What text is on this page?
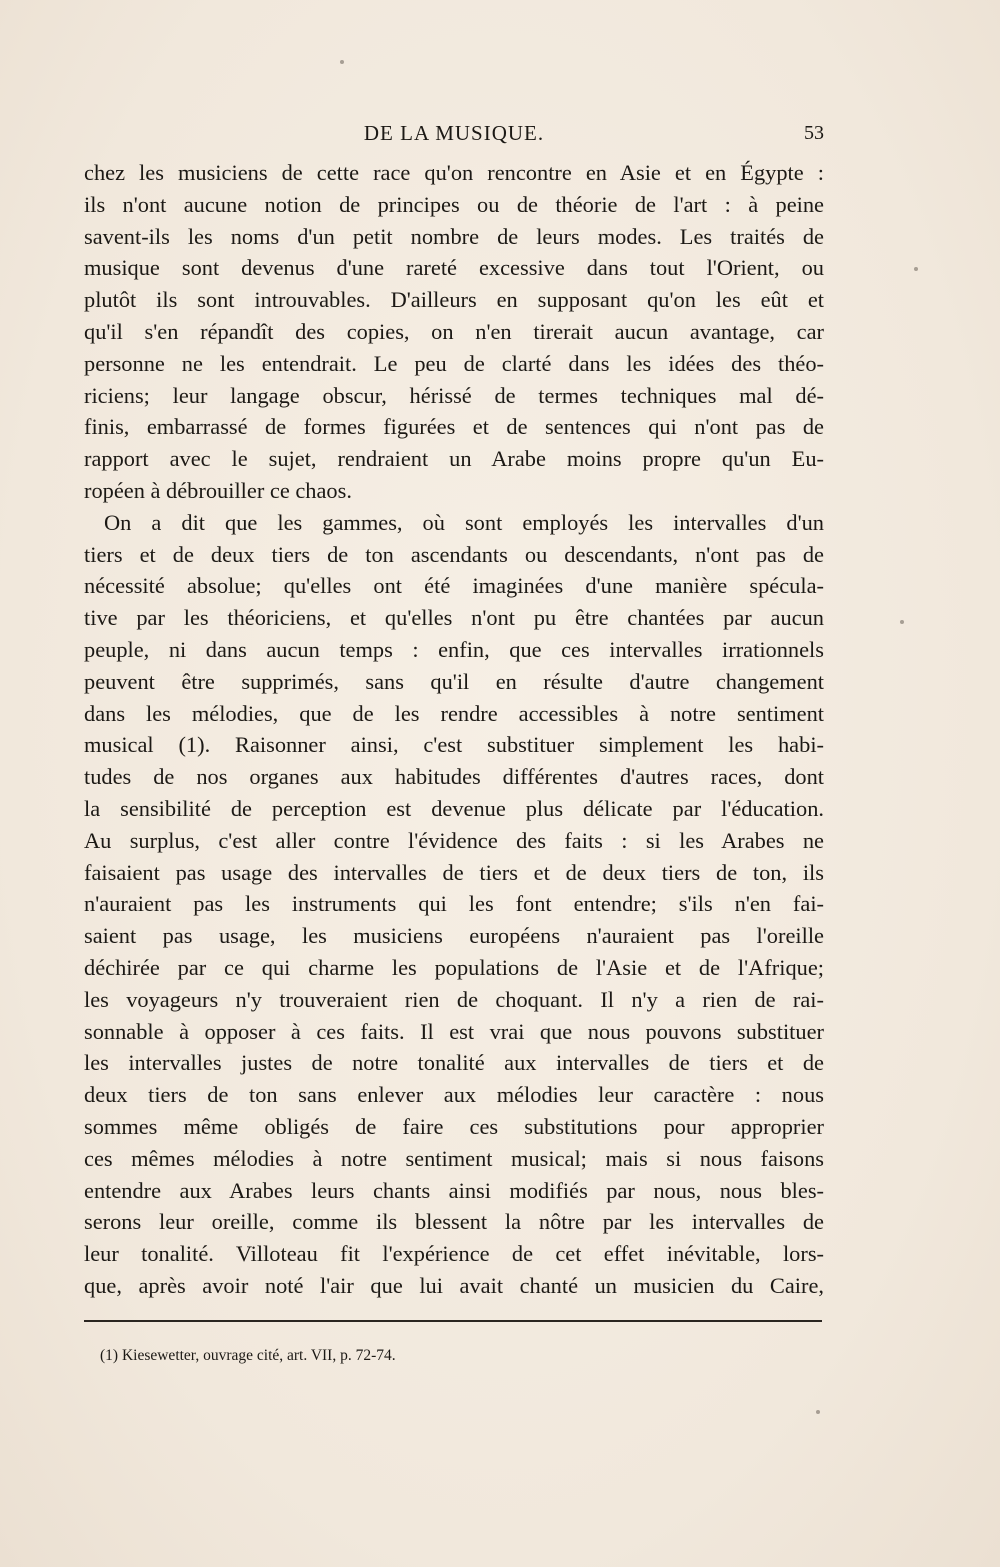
DE LA MUSIQUE.	53
chez les musiciens de cette race qu'on rencontre en Asie et en Égypte :
ils n'ont aucune notion de principes ou de théorie de l'art : à peine
savent-ils les noms d'un petit nombre de leurs modes. Les traités de
musique sont devenus d'une rareté excessive dans tout l'Orient, ou
plutôt ils sont introuvables. D'ailleurs en supposant qu'on les eût et
qu'il s'en répandît des copies, on n'en tirerait aucun avantage, car
personne ne les entendrait. Le peu de clarté dans les idées des théo-
riciens; leur langage obscur, hérissé de termes techniques mal dé-
finis, embarrassé de formes figurées et de sentences qui n'ont pas de
rapport avec le sujet, rendraient un Arabe moins propre qu'un Eu-
ropéen à débrouiller ce chaos.
On a dit que les gammes, où sont employés les intervalles d'un
tiers et de deux tiers de ton ascendants ou descendants, n'ont pas de
nécessité absolue; qu'elles ont été imaginées d'une manière spécula-
tive par les théoriciens, et qu'elles n'ont pu être chantées par aucun
peuple, ni dans aucun temps : enfin, que ces intervalles irrationnels
peuvent être supprimés, sans qu'il en résulte d'autre changement
dans les mélodies, que de les rendre accessibles à notre sentiment
musical (1). Raisonner ainsi, c'est substituer simplement les habi-
tudes de nos organes aux habitudes différentes d'autres races, dont
la sensibilité de perception est devenue plus délicate par l'éducation.
Au surplus, c'est aller contre l'évidence des faits : si les Arabes ne
faisaient pas usage des intervalles de tiers et de deux tiers de ton, ils
n'auraient pas les instruments qui les font entendre; s'ils n'en fai-
saient pas usage, les musiciens européens n'auraient pas l'oreille
déchirée par ce qui charme les populations de l'Asie et de l'Afrique;
les voyageurs n'y trouveraient rien de choquant. Il n'y a rien de rai-
sonnable à opposer à ces faits. Il est vrai que nous pouvons substituer
les intervalles justes de notre tonalité aux intervalles de tiers et de
deux tiers de ton sans enlever aux mélodies leur caractère : nous
sommes même obligés de faire ces substitutions pour approprier
ces mêmes mélodies à notre sentiment musical; mais si nous faisons
entendre aux Arabes leurs chants ainsi modifiés par nous, nous bles-
serons leur oreille, comme ils blessent la nôtre par les intervalles de
leur tonalité. Villoteau fit l'expérience de cet effet inévitable, lors-
que, après avoir noté l'air que lui avait chanté un musicien du Caire,
(1) Kiesewetter, ouvrage cité, art. VII, p. 72-74.
